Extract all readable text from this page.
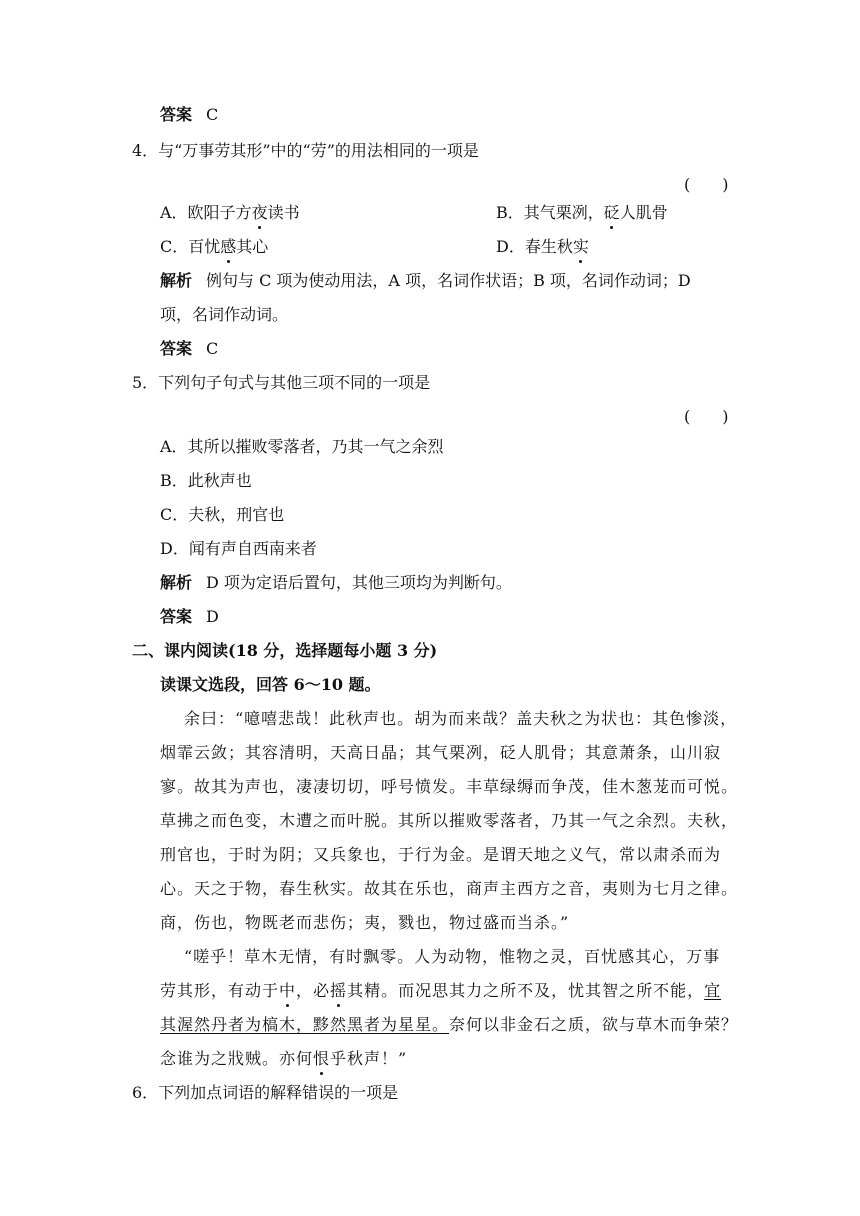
答案 C
4．与“万事劳其形”中的“劳”的用法相同的一项是
(　　)
A．欧阳子方夜读书	B．其气栗冽，砭人肌骨
C．百忧感其心	D．春生秋实
解析 例句与 C 项为使动用法，A 项，名词作状语；B 项，名词作动词；D
项，名词作动词。
答案 C
5．下列句子句式与其他三项不同的一项是
(　　)
A．其所以摧败零落者，乃其一气之余烈
B．此秋声也
C．夫秋，刑官也
D．闻有声自西南来者
解析 D 项为定语后置句，其他三项均为判断句。
答案 D
二、课内阅读(18 分，选择题每小题 3 分)
读课文选段，回答 6～10 题。
余曰：“噫嘻悲哉！此秋声也。胡为而来哉？盖夫秋之为状也：其色惨淡，
烟霏云敛；其容清明，天高日晶；其气栗冽，砭人肌骨；其意萧条，山川寂
寥。故其为声也，凄凄切切，呼号愤发。丰草绿缛而争茂，佳木葱茏而可悦。
草拂之而色变，木遭之而叶脱。其所以摧败零落者，乃其一气之余烈。夫秋，
刑官也，于时为阴；又兵象也，于行为金。是谓天地之义气，常以肃杀而为
心。天之于物，春生秋实。故其在乐也，商声主西方之音，夷则为七月之律。
商，伤也，物既老而悲伤；夷，戮也，物过盛而当杀。”
“嗟乎！草木无情，有时飘零。人为动物，惟物之灵，百忧感其心，万事
劳其形，有动于中，必摇其精。而况思其力之所不及，忧其智之所不能，宜
其渥然丹者为槁木，黟然黑者为星星。奈何以非金石之质，欲与草木而争荣？
念谁为之戕贼。亦何恨乎秋声！”
6．下列加点词语的解释错误的一项是
